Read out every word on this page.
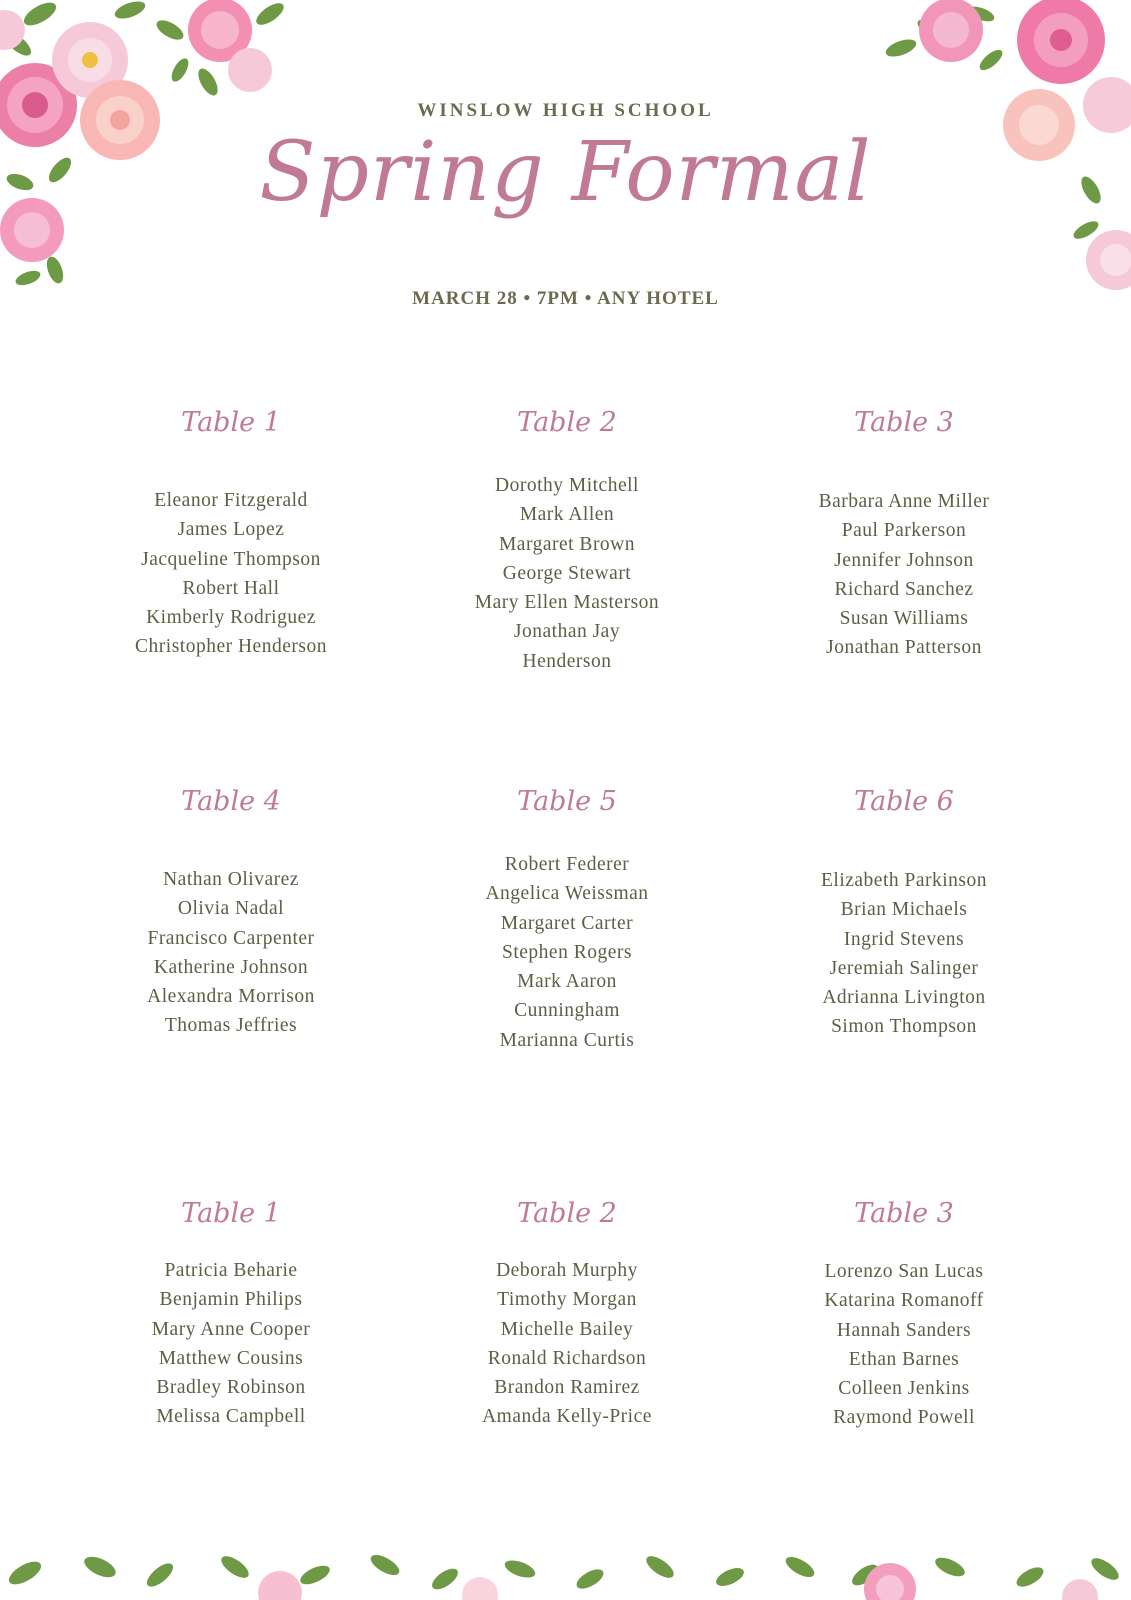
WINSLOW HIGH SCHOOL
Spring Formal
MARCH 28 • 7PM • ANY HOTEL
Table 1
Eleanor Fitzgerald
James Lopez
Jacqueline Thompson
Robert Hall
Kimberly Rodriguez
Christopher Henderson
Table 2
Dorothy Mitchell
Mark Allen
Margaret Brown
George Stewart
Mary Ellen Masterson
Jonathan Jay
Henderson
Table 3
Barbara Anne Miller
Paul Parkerson
Jennifer Johnson
Richard Sanchez
Susan Williams
Jonathan Patterson
Table 4
Nathan Olivarez
Olivia Nadal
Francisco Carpenter
Katherine Johnson
Alexandra Morrison
Thomas Jeffries
Table 5
Robert Federer
Angelica Weissman
Margaret Carter
Stephen Rogers
Mark Aaron
Cunningham
Marianna Curtis
Table 6
Elizabeth Parkinson
Brian Michaels
Ingrid Stevens
Jeremiah Salinger
Adrianna Livington
Simon Thompson
Table 1
Patricia Beharie
Benjamin Philips
Mary Anne Cooper
Matthew Cousins
Bradley Robinson
Melissa Campbell
Table 2
Deborah Murphy
Timothy Morgan
Michelle Bailey
Ronald Richardson
Brandon Ramirez
Amanda Kelly-Price
Table 3
Lorenzo San Lucas
Katarina Romanoff
Hannah Sanders
Ethan Barnes
Colleen Jenkins
Raymond Powell
